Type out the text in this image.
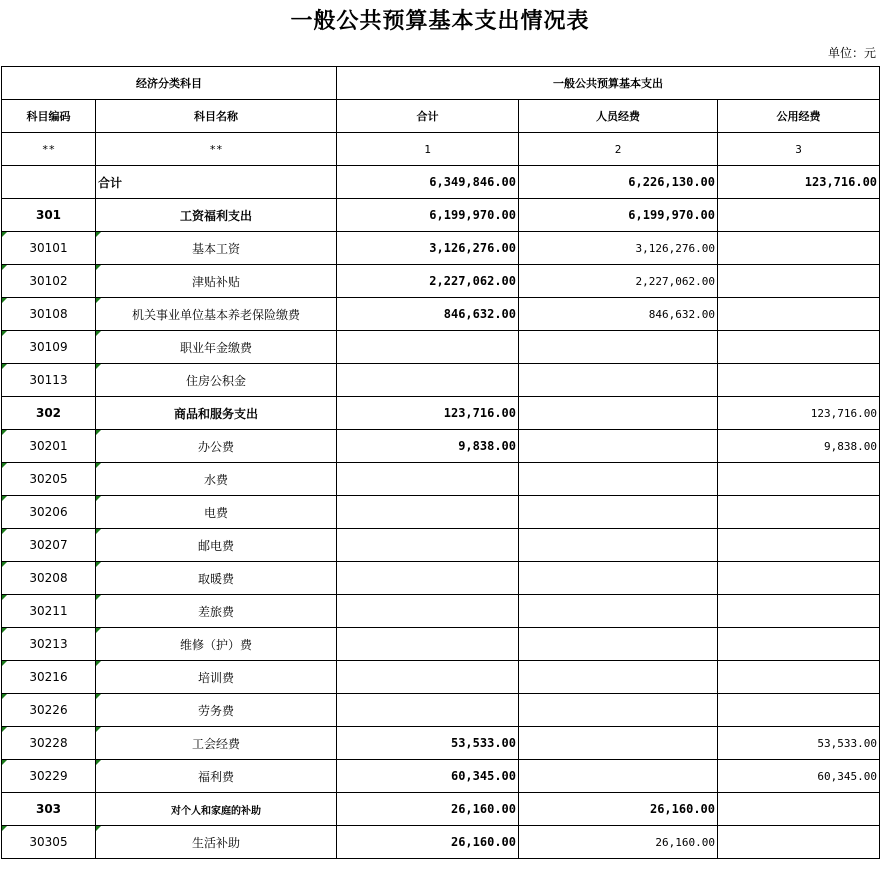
一般公共预算基本支出情况表
单位：元
经济分类科目		一般公共预算基本支出		
科目编码	科目名称	合计	人员经费	公用经费
**	**	1	2	3
	合计	6,349,846.00	6,226,130.00	123,716.00
301	工资福利支出	6,199,970.00	6,199,970.00	
30101	基本工资	3,126,276.00	3,126,276.00	
30102	津贴补贴	2,227,062.00	2,227,062.00	
30108	机关事业单位基本养老保险缴费	846,632.00	846,632.00	
30109	职业年金缴费			
30113	住房公积金			
302	商品和服务支出	123,716.00		123,716.00
30201	办公费	9,838.00		9,838.00
30205	水费			
30206	电费			
30207	邮电费			
30208	取暖费			
30211	差旅费			
30213	维修（护）费			
30216	培训费			
30226	劳务费			
30228	工会经费	53,533.00		53,533.00
30229	福利费	60,345.00		60,345.00
303	对个人和家庭的补助	26,160.00	26,160.00	
30305	生活补助	26,160.00	26,160.00	
